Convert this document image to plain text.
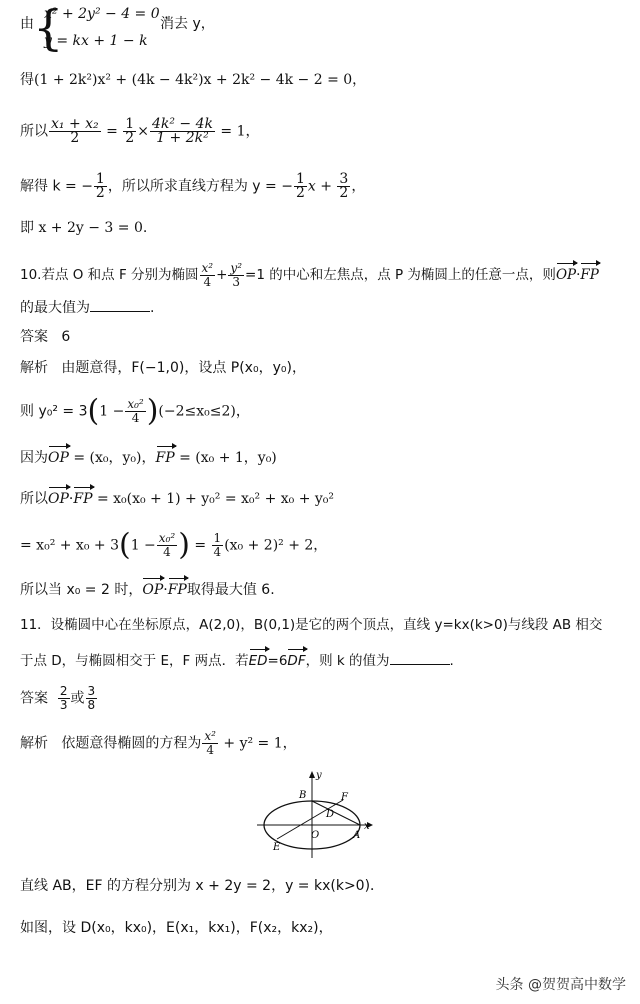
由 {
x² + 2y² − 4 = 0 ，
y = kx + 1 − k
消去 y，
得(1 + 2k²)x² + (4k − 4k²)x + 2k² − 4k − 2 = 0，
所以 $\frac{\text{x₁ + x₂}}{2} = \frac{1}{2} \times \frac{\text{4k² − 4k}}{\text{1 + 2k²}} = 1$，
解得 k = − $\frac{1}{2}$ ，所以所求直线方程为 y = − $\frac{1}{2}$ $x + \frac{3}{2}$ ，
即 x + 2y − 3 = 0.
10.若点 O 和点 F 分别为椭圆 $\frac{\text{x²}}{4} + \frac{\text{y²}}{3} =1$ 的中心和左焦点，点 P 为椭圆上的任意一点，则OP·FP
的最大值为	.
答案 6
解析 由题意得，F(−1,0)，设点 P(x₀，y₀)，
则 $y_0^2 = 3(1 - \frac{\text{x₀²}}{4} )(-2\le x_0\le 2)$，
因为OP = (x₀，y₀)，FP = (x₀ + 1，y₀)
所以OP·FP = x₀(x₀ + 1) + y₀² = x₀² + x₀ + y₀²
= $x_0^2 + x_0 + 3(1 - \frac{\text{x₀²}}{4}$ ) = $\frac{1}{4} (x_0 + 2)^2 + 2$，
所以当 x₀ = 2 时，OP·FP取得最大值 6.
11．设椭圆中心在坐标原点，A(2,0)，B(0,1)是它的两个顶点，直线 y=kx(k>0)与线段 AB 相交
于点 D，与椭圆相交于 E，F 两点．若ED=6DF，则 k 的值为	.
答案 $\frac{2}{3}$ 或 $\frac{3}{8}$
解析 依题意得椭圆的方程为 $\frac{\text{x²}}{4} + y^2 = 1$，
y
x
B	F
D
O	A
E
直线 AB，EF 的方程分别为 x + 2y = 2，y = kx(k>0)．
如图，设 D(x₀，kx₀)，E(x₁，kx₁)，F(x₂，kx₂)，
头条 @贺贺高中数学
